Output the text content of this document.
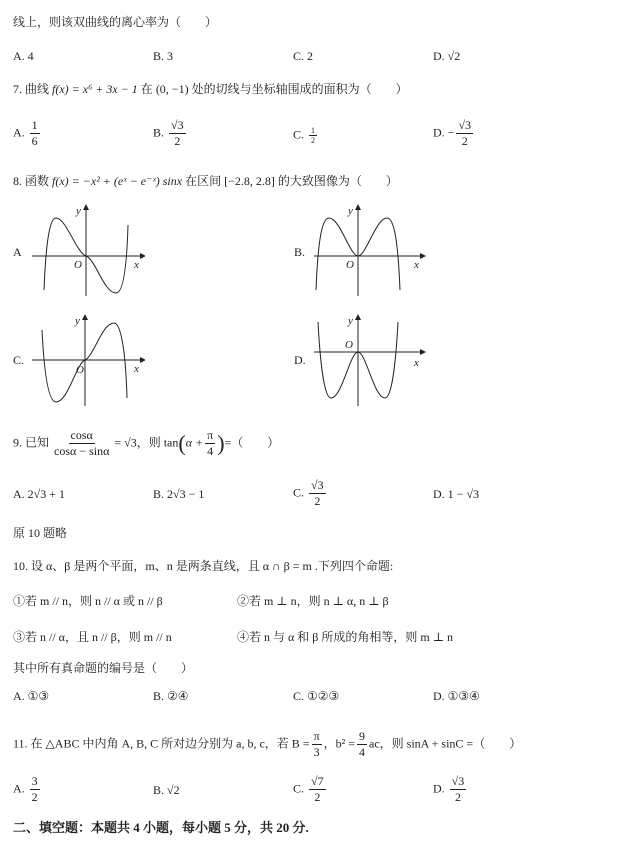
线上，则该双曲线的离心率为（　　）
A. 4	B. 3	C. 2	D. √2
7. 曲线 f(x) = x⁶ + 3x − 1 在 (0, −1) 处的切线与坐标轴围成的面积为（　　）
A. $\frac{1}{6}$	B. $\frac{√3}{2}$	C. $\frac{1}{2}$	D. − $\frac{√3}{2}$
8. 函数 f(x) = −x² + (eˣ − e⁻ˣ) sinx 在区间 [−2.8, 2.8] 的大致图像为（　　）
A
O	x
y
B.
O	x
y
C.
O	x
y
D.
O
x
y
9. 已知 $\frac{\cos\alpha}{\cos\alpha - \sin\alpha} = √3$，则 $\tan(\alpha + \frac{\pi}{4}$ )=（　　）
A. 2√3 + 1	B. 2√3 − 1	C. $\frac{√3}{2}$	D. 1 − √3
原 10 题略
10. 设 α、β 是两个平面，m、n 是两条直线，且 α ∩ β = m .下列四个命题:
①若 m // n，则 n // α 或 n // β	②若 m ⊥ n，则 n ⊥ α, n ⊥ β
③若 n // α，且 n // β，则 m // n	④若 n 与 α 和 β 所成的角相等，则 m ⊥ n
其中所有真命题的编号是（　　）
A. ①③	B. ②④	C. ①②③	D. ①③④
11. 在 △ABC 中内角 A, B, C 所对边分别为 a, b, c，若 $B = \frac{\pi}{3}$ ，$b^2 = \frac{9}{4}$ ac，则 sinA + sinC =（　　）
A. $\frac{3}{2}$	B. √2	C. $\frac{√7}{2}$	D. $\frac{√3}{2}$
二、填空题：本题共 4 小题，每小题 5 分，共 20 分.
